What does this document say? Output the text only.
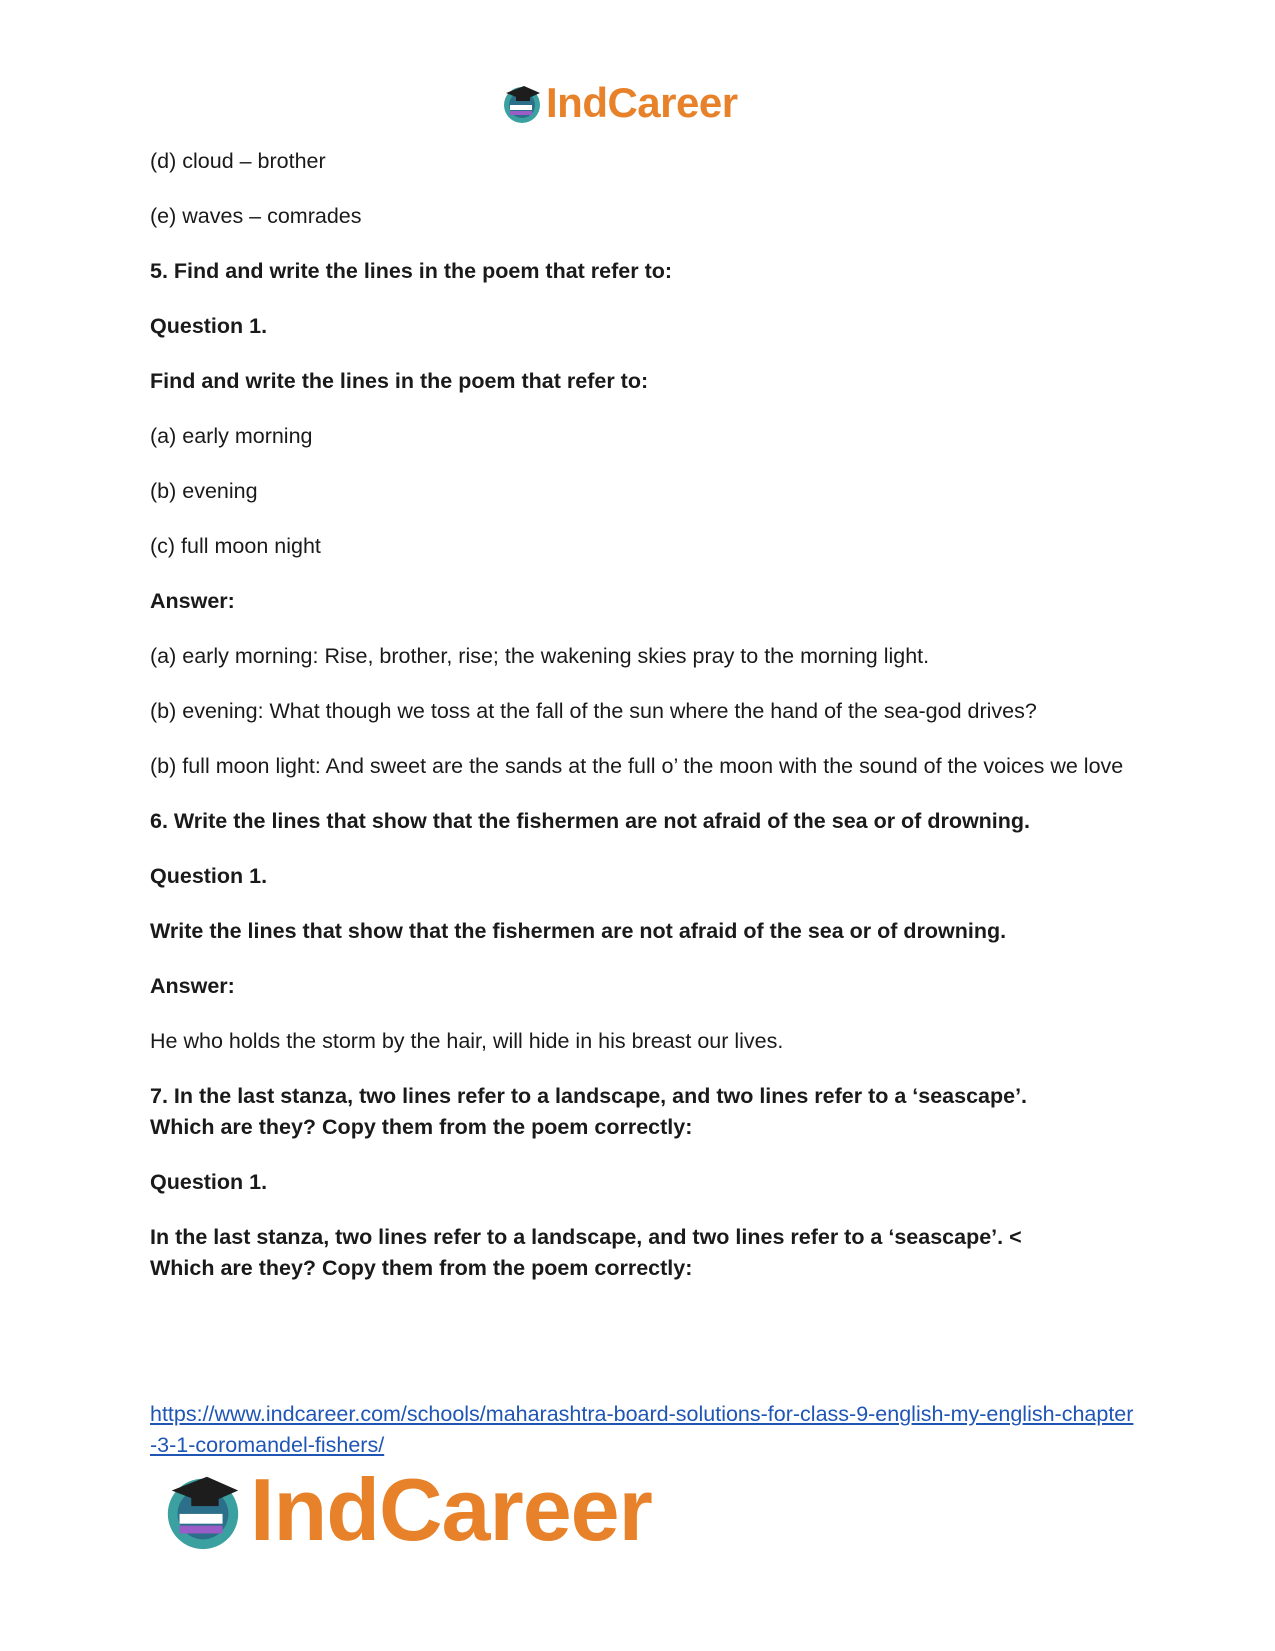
IndCareer

(d) cloud – brother

(e) waves – comrades

5. Find and write the lines in the poem that refer to:

Question 1.

Find and write the lines in the poem that refer to:

(a) early morning

(b) evening

(c) full moon night

Answer:

(a) early morning: Rise, brother, rise; the wakening skies pray to the morning light.

(b) evening: What though we toss at the fall of the sun where the hand of the sea-god drives?

(b) full moon light: And sweet are the sands at the full o’ the moon with the sound of the voices we love

6. Write the lines that show that the fishermen are not afraid of the sea or of drowning.

Question 1.

Write the lines that show that the fishermen are not afraid of the sea or of drowning.

Answer:

He who holds the storm by the hair, will hide in his breast our lives.

7. In the last stanza, two lines refer to a landscape, and two lines refer to a ‘seascape’.
Which are they? Copy them from the poem correctly:

Question 1.

In the last stanza, two lines refer to a landscape, and two lines refer to a ‘seascape’. <
Which are they? Copy them from the poem correctly:

https://www.indcareer.com/schools/maharashtra-board-solutions-for-class-9-english-my-english-chapter-3-1-coromandel-fishers/
IndCareer
